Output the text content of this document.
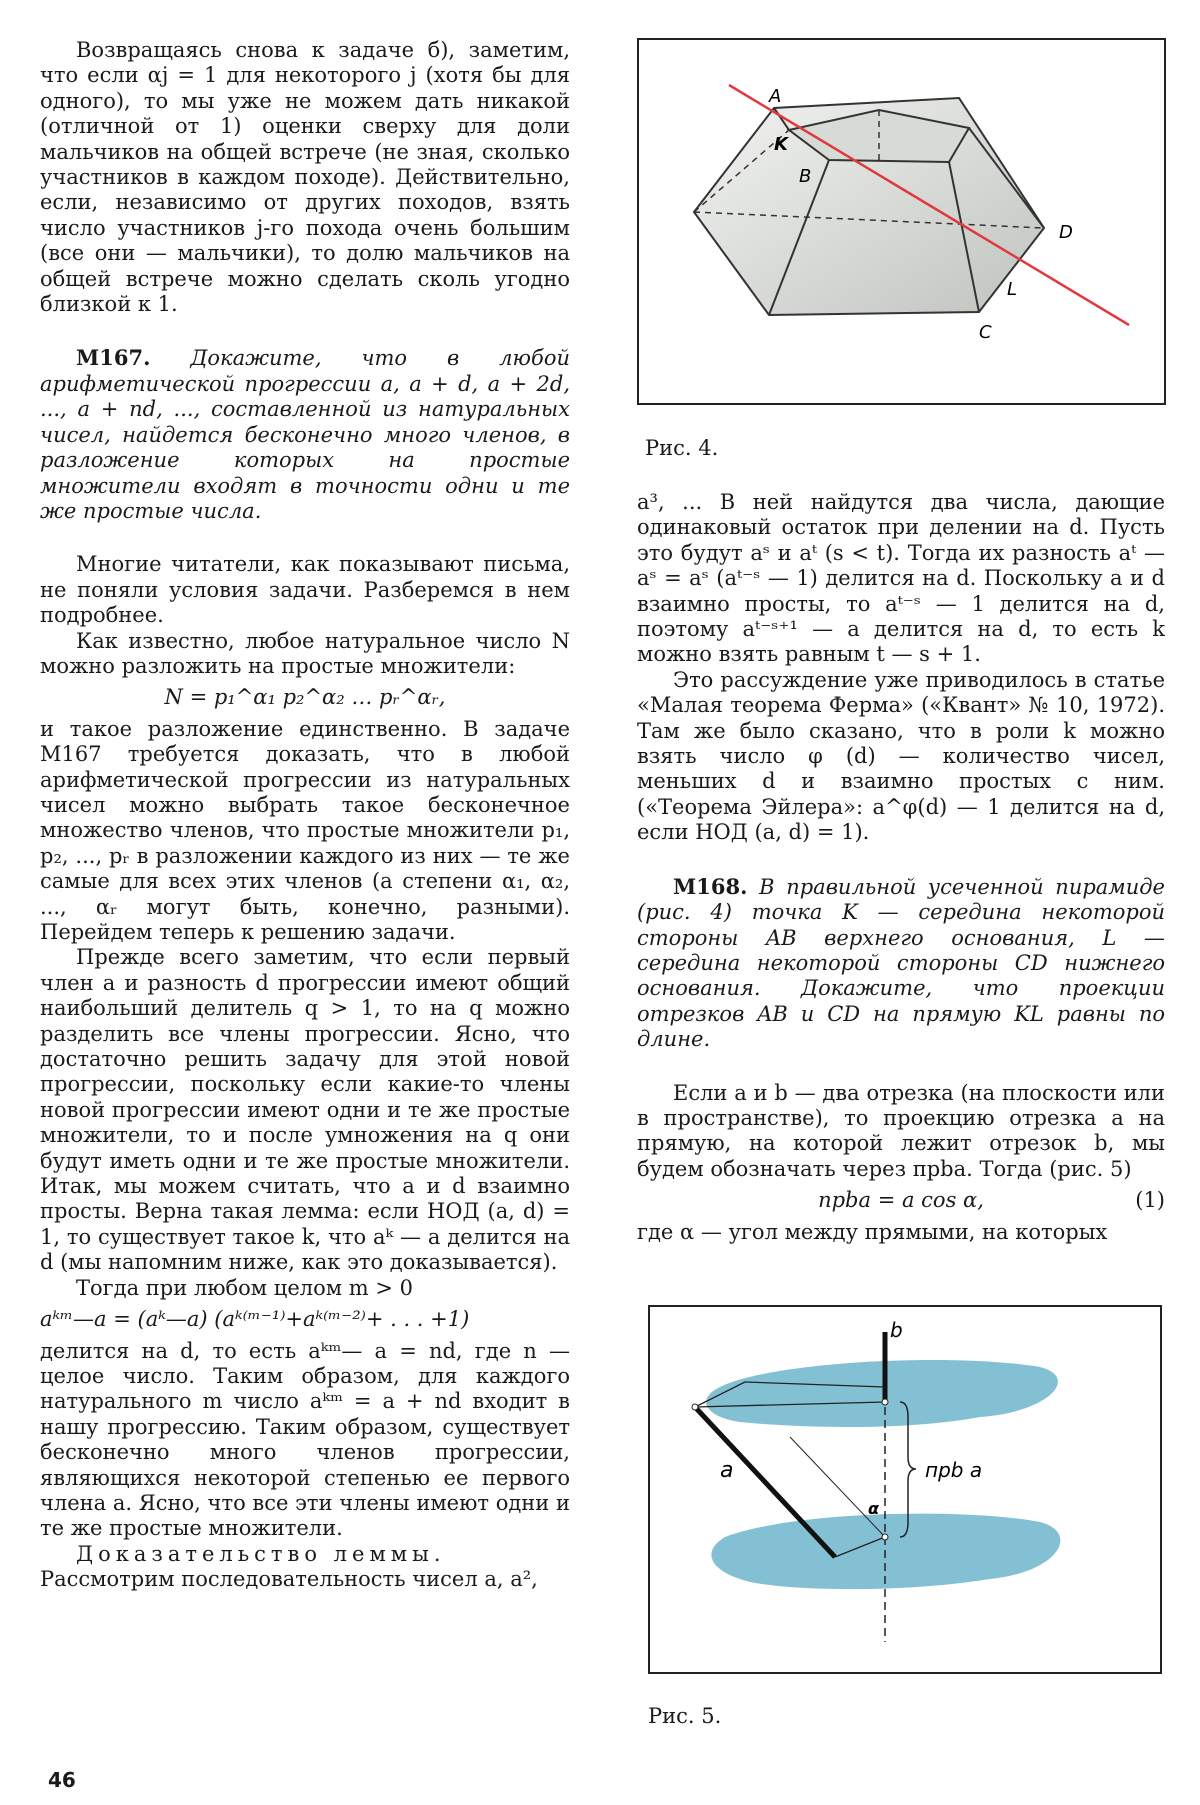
Возвращаясь снова к задаче б), заметим, что если αj = 1 для некоторого j (хотя бы для одного), то мы уже не можем дать никакой (отличной от 1) оценки сверху для доли мальчиков на общей встрече (не зная, сколько участников в каждом походе). Действительно, если, независимо от других походов, взять число участников j-го похода очень большим (все они — мальчики), то долю мальчиков на общей встрече можно сделать сколь угодно близкой к 1.

М167. Докажите, что в любой арифметической прогрессии a, a + d, a + 2d, ..., a + nd, ..., составленной из натуральных чисел, найдется бесконечно много членов, в разложение которых на простые множители входят в точности одни и те же простые числа.

Многие читатели, как показывают письма, не поняли условия задачи. Разберемся в нем подробнее.

Как известно, любое натуральное число N можно разложить на простые множители:

N = p₁^α₁ p₂^α₂ … pᵣ^αᵣ,

и такое разложение единственно. В задаче М167 требуется доказать, что в любой арифметической прогрессии из натуральных чисел можно выбрать такое бесконечное множество членов, что простые множители p₁, p₂, ..., pᵣ в разложении каждого из них — те же самые для всех этих членов (а степени α₁, α₂, ..., αᵣ могут быть, конечно, разными). Перейдем теперь к решению задачи.

Прежде всего заметим, что если первый член a и разность d прогрессии имеют общий наибольший делитель q > 1, то на q можно разделить все члены прогрессии. Ясно, что достаточно решить задачу для этой новой прогрессии, поскольку если какие-то члены новой прогрессии имеют одни и те же простые множители, то и после умножения на q они будут иметь одни и те же простые множители. Итак, мы можем считать, что a и d взаимно просты. Верна такая лемма: если НОД (a, d) = 1, то существует такое k, что aᵏ — a делится на d (мы напомним ниже, как это доказывается).

Тогда при любом целом m > 0

aᵏᵐ—a = (aᵏ—a) (aᵏ⁽ᵐ⁻¹⁾+aᵏ⁽ᵐ⁻²⁾+ . . . +1)

делится на d, то есть aᵏᵐ— a = nd, где n — целое число. Таким образом, для каждого натурального m число aᵏᵐ = a + nd входит в нашу прогрессию. Таким образом, существует бесконечно много членов прогрессии, являющихся некоторой степенью ее первого члена a. Ясно, что все эти члены имеют одни и те же простые множители.

Доказательство леммы.

Рассмотрим последовательность чисел a, a²,

A
K
B
D
L
C
Рис. 4.

a³, ... В ней найдутся два числа, дающие одинаковый остаток при делении на d. Пусть это будут aˢ и aᵗ (s < t). Тогда их разность aᵗ — aˢ = aˢ (aᵗ⁻ˢ — 1) делится на d. Поскольку a и d взаимно просты, то aᵗ⁻ˢ — 1 делится на d, поэтому aᵗ⁻ˢ⁺¹ — a делится на d, то есть k можно взять равным t — s + 1.

Это рассуждение уже приводилось в статье «Малая теорема Ферма» («Квант» № 10, 1972). Там же было сказано, что в роли k можно взять число φ (d) — количество чисел, меньших d и взаимно простых с ним. («Теорема Эйлера»: a^φ(d) — 1 делится на d, если НОД (a, d) = 1).

М168. В правильной усеченной пирамиде (рис. 4) точка K — середина некоторой стороны AB верхнего основания, L — середина некоторой стороны CD нижнего основания. Докажите, что проекции отрезков AB и CD на прямую KL равны по длине.

Если a и b — два отрезка (на плоскости или в пространстве), то проекцию отрезка a на прямую, на которой лежит отрезок b, мы будем обозначать через прbа. Тогда (рис. 5)

прbа = a cos α,	(1)

где α — угол между прямыми, на которых

b
a	прb a
α
Рис. 5.
46
